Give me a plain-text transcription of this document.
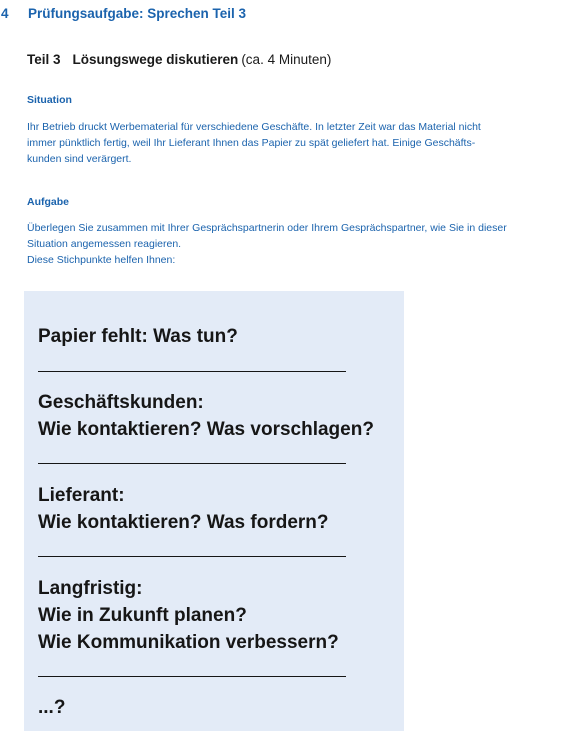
4 Prüfungsaufgabe: Sprechen Teil 3
Teil 3 Lösungswege diskutieren (ca. 4 Minuten)
Situation
Ihr Betrieb druckt Werbematerial für verschiedene Geschäfte. In letzter Zeit war das Material nicht
immer pünktlich fertig, weil Ihr Lieferant Ihnen das Papier zu spät geliefert hat. Einige Geschäfts-
kunden sind verärgert.
Aufgabe
Überlegen Sie zusammen mit Ihrer Gesprächspartnerin oder Ihrem Gesprächspartner, wie Sie in dieser
Situation angemessen reagieren.
Diese Stichpunkte helfen Ihnen:
Papier fehlt: Was tun?
Geschäftskunden:
Wie kontaktieren? Was vorschlagen?
Lieferant:
Wie kontaktieren? Was fordern?
Langfristig:
Wie in Zukunft planen?
Wie Kommunikation verbessern?
...?
